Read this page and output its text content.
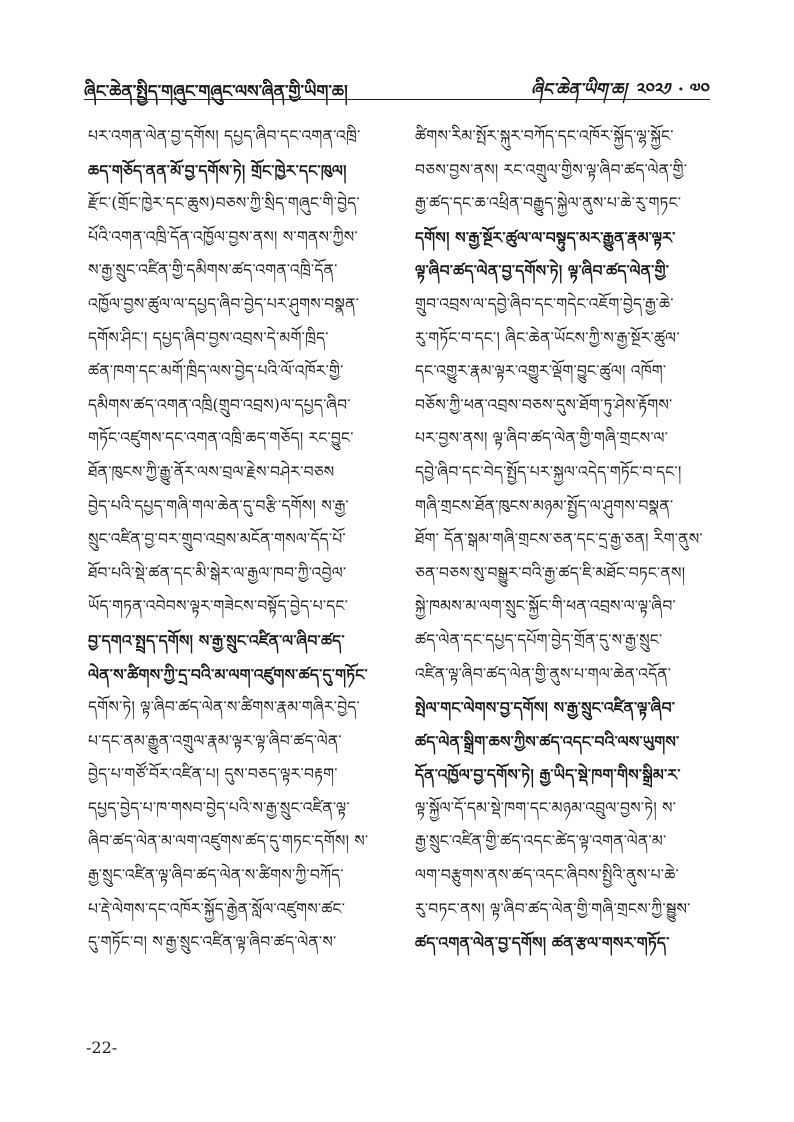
ཞིང་ཆེན་སྤྱིད་གཞུང་གཞུང་ལས་ཞིན་གྱི་ཡིག་ཆ།	ཞིང་ཆེན་ཡིག་ཆ། ༢༠༢༡ · ༧༠
པར་འགན་ལེན་བྱ་དགོས། དཔྱད་ཞིབ་དང་འགན་འཁྲི་
ཆད་གཅོད་ནན་མོ་བྱ་དགོས་ཏེ། གྲོང་ཁྱེར་དང་ཁུལ།
རྫོང་(གྲོང་ཁྱེར་དང་ཆུས)བཅས་ཀྱི་སྲིད་གཞུང་གི་བྱེད་
པོའི་འགན་འཁྲི་དོན་འཁྱོལ་བྱས་ནས། ས་གནས་ཀྱིས་
ས་རྒྱ་སྲུང་འཛིན་གྱི་དམིགས་ཚད་འགན་འཁྲི་དོན་
འཁྱོལ་བྱས་ཚུལ་ལ་དཔྱད་ཞིབ་བྱེད་པར་ཤུགས་བསྣན་
དགོས་ཤིང་། དཔྱད་ཞིབ་བྱས་འབྲས་དེ་མགོ་ཁྲིད་
ཚན་ཁག་དང་མགོ་ཁྲིད་ལས་བྱེད་པའི་ལོ་འཁོར་གྱི་
དམིགས་ཚད་འགན་འཁྲི(གྲུབ་འབྲས)ལ་དཔྱད་ཞིབ་
གཏོང་འཛུགས་དང་འགན་འཁྲི་ཆད་གཅོད། རང་བྱུང་
ཐོན་ཁུངས་ཀྱི་རྒྱུ་ནོར་ལས་བྲལ་རྗེས་བཤེར་བཅས
བྱེད་པའི་དཔྱད་གཞི་གལ་ཆེན་དུ་བརྩི་དགོས། ས་རྒྱ་
སྲུང་འཛིན་བྱ་བར་གྲུབ་འབྲས་མངོན་གསལ་དོད་པོ་
ཐོབ་པའི་སྡེ་ཚན་དང་མི་སྒེར་ལ་རྒྱལ་ཁབ་ཀྱི་འབྱེལ་
ཡོད་གཏན་འབེབས་ལྟར་གཟེངས་བསྟོད་བྱེད་པ་དང་
བྱ་དགའ་སྤྲད་དགོས། ས་རྒྱ་སྲུང་འཛིན་ལ་ཞིབ་ཚད་
ལེན་ས་ཚིགས་ཀྱི་དྲ་བའི་མ་ལག་འཛུགས་ཚད་དུ་གཏོང་
དགོས་ཏེ། ལྟ་ཞིབ་ཚད་ལེན་ས་ཚིགས་རྣམ་གཞིར་བྱེད་
པ་དང་ནམ་རྒྱུན་འགྲུལ་རྣམ་ལྟར་ལྟ་ཞིབ་ཚད་ལེན་
བྱེད་པ་གཙོ་བོར་འཛིན་པ། དུས་བཅད་ལྟར་བརྟག་
དཔྱད་བྱེད་པ་ཁ་གསབ་བྱེད་པའི་ས་རྒྱ་སྲུང་འཛིན་ལྟ་
ཞིབ་ཚད་ལེན་མ་ལག་འཛུགས་ཚད་དུ་གཏང་དགོས། ས་
རྒྱ་སྲུང་འཛིན་ལྟ་ཞིབ་ཚད་ལེན་ས་ཚིགས་ཀྱི་བཀོད་
པ་རྡེ་ལེགས་དང་འཁོར་སྐྱོད་རྒྱེན་སློལ་འཛུགས་ཚང་
དུ་གཏོང་བ། ས་རྒྱ་སྲུང་འཛིན་ལྟ་ཞིབ་ཚད་ལེན་ས་
ཚིགས་རིམ་སྤོར་སྐུར་བཀོད་དང་འཁོར་སྐྱོད་ལྷ་སྐྱོང་
བཅས་བྱས་ནས། རང་འགྲུལ་གྱིས་ལྟ་ཞིབ་ཚད་ལེན་གྱི་
རྒྱ་ཚད་དང་ཆ་འཕྲིན་བརྒྱུད་སྐྱེལ་ནུས་པ་ཆེ་རུ་གཏང་
དགོས། ས་རྒྱ་སྔོར་ཚུལ་ལ་བསྟུད་མར་རྒྱུན་རྣམ་ལྟར་
ལྟ་ཞིབ་ཚད་ལེན་བྱ་དགོས་ཏེ། ལྟ་ཞིབ་ཚད་ལེན་གྱི་
གྲུབ་འབྲས་ལ་དབྱེ་ཞིབ་དང་གདེང་འཇོག་བྱེད་རྒྱ་ཆེ་
རུ་གཏོང་བ་དང་། ཞིང་ཆེན་ཡོངས་ཀྱི་ས་རྒྱ་སྔོར་ཚུལ་
དང་འགྱུར་རྣམ་ལྟར་འགྱུར་ལྡོག་བྱུང་ཚུལ། འཁོག་
བཅོས་ཀྱི་ཕན་འབྲས་བཅས་དུས་ཐོག་ཏུ་ཤེས་རྟོགས་
པར་བྱས་ནས། ལྟ་ཞིབ་ཚད་ལེན་གྱི་གཞི་གྲངས་ལ་
དབྱེ་ཞིབ་དང་བེད་སྤྱོད་པར་སྐྱལ་འདེད་གཏོང་བ་དང་།
གཞི་གྲངས་ཐོན་ཁུངས་མཉམ་སྤྱོད་ལ་ཤུགས་བསྣན་
ཐོག་ དོན་སྒམ་གཞི་གྲངས་ཅན་དང་དྲ་རྒྱ་ཅན། རིག་ནུས་
ཅན་བཅས་སུ་བསྒྱུར་བའི་རྒྱ་ཚད་ཇི་མཐོང་བཏང་ནས།
སྐྱེ་ཁམས་མ་ལག་སྲུང་སྐྱོང་གི་ཕན་འབྲས་ལ་ལྟ་ཞིབ་
ཚད་ལེན་དང་དཔྱད་དཔོག་བྱེད་གྲོན་དུ་ས་རྒྱ་སྲུང་
འཛིན་ལྟ་ཞིབ་ཚད་ལེན་གྱི་ནུས་པ་གལ་ཆེན་འདོན་
སྤེལ་གང་ལེགས་བྱ་དགོས། ས་རྒྱ་སྲུང་འཛིན་ལྟ་ཞིབ་
ཚད་ལེན་སྒྲིག་ཆས་ཀྱིས་ཚད་འདང་བའི་ལས་ཡུགས་
དོན་འཁྱོལ་བྱ་དགོས་ཏེ། རྒྱ་ཡིད་སྡེ་ཁག་གིས་སྒྲིམ་ར་
ལྟ་སྐྱོལ་དོ་དམ་སྡེ་ཁག་དང་མཉམ་འབྲུལ་བྱས་ཏེ། ས་
རྒྱ་སྲུང་འཛིན་གྱི་ཚད་འདང་ཚེད་ལྟ་འགན་ལེན་མ་
ལག་བརྩུགས་ནས་ཚད་འདང་ཞིབས་སྤྱིའི་ནུས་པ་ཆེ་
རུ་བཏང་ནས། ལྟ་ཞིབ་ཚད་ལེན་གྱི་གཞི་གྲངས་ཀྱི་སྦྱུས་
ཚད་འགན་ལེན་བྱ་དགོས། ཚན་རྩལ་གསར་གཏོད་
-22-
